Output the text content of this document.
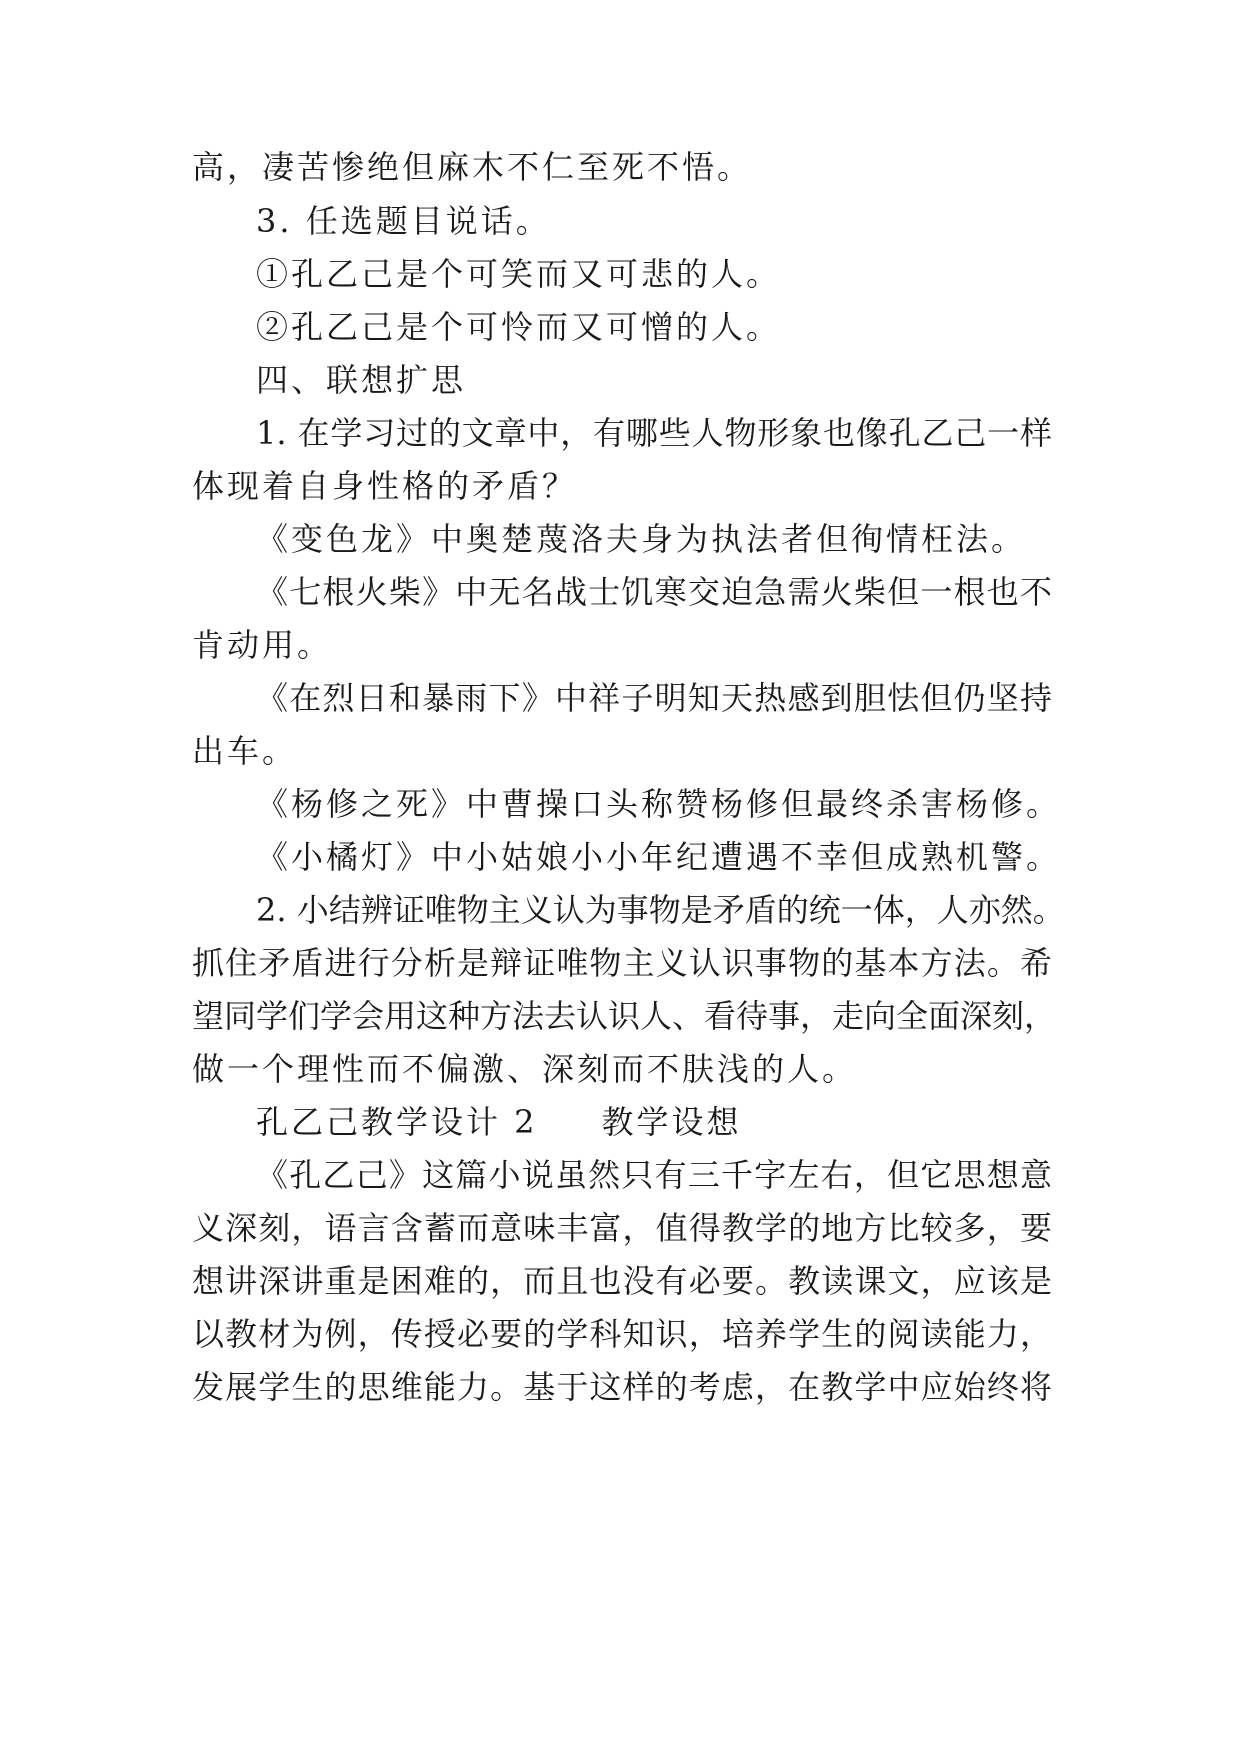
高，凄苦惨绝但麻木不仁至死不悟。
3. 任选题目说话。
①孔乙己是个可笑而又可悲的人。
②孔乙己是个可怜而又可憎的人。
四、联想扩思
1. 在学习过的文章中，有哪些人物形象也像孔乙己一样
体现着自身性格的矛盾？
《变色龙》中奥楚蔑洛夫身为执法者但徇情枉法。
《七根火柴》中无名战士饥寒交迫急需火柴但一根也不
肯动用。
《在烈日和暴雨下》中祥子明知天热感到胆怯但仍坚持
出车。
《杨修之死》中曹操口头称赞杨修但最终杀害杨修。
《小橘灯》中小姑娘小小年纪遭遇不幸但成熟机警。
2. 小结辨证唯物主义认为事物是矛盾的统一体，人亦然。
抓住矛盾进行分析是辩证唯物主义认识事物的基本方法。希
望同学们学会用这种方法去认识人、看待事，走向全面深刻，
做一个理性而不偏激、深刻而不肤浅的人。
孔乙己教学设计 2 教学设想
《孔乙己》这篇小说虽然只有三千字左右，但它思想意
义深刻，语言含蓄而意味丰富，值得教学的地方比较多，要
想讲深讲重是困难的，而且也没有必要。教读课文，应该是
以教材为例，传授必要的学科知识，培养学生的阅读能力，
发展学生的思维能力。基于这样的考虑，在教学中应始终将
